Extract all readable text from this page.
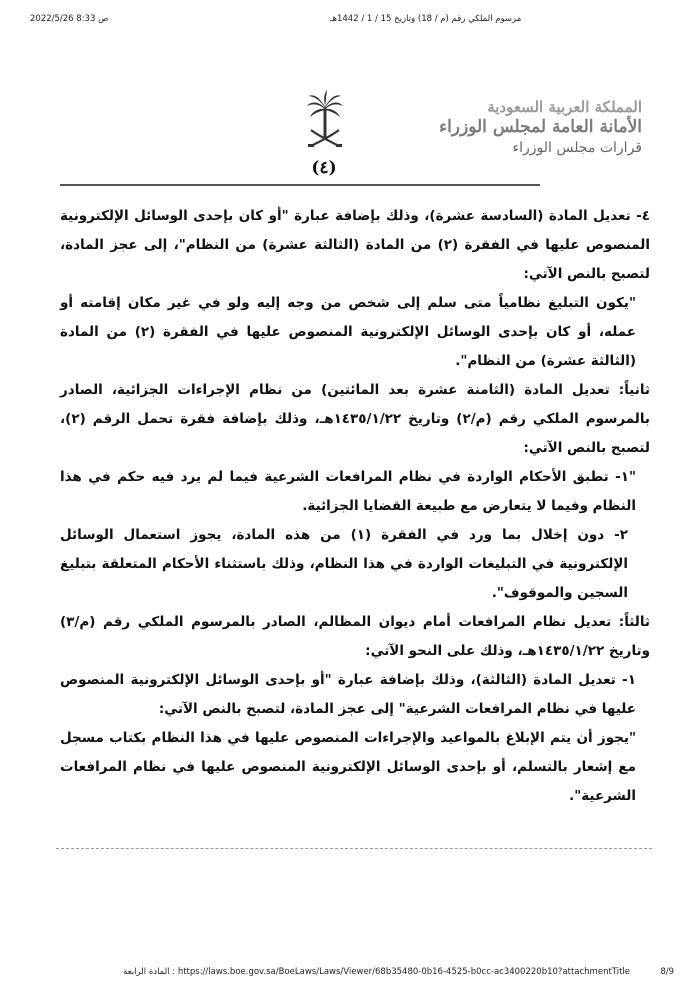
2022/5/26 8:33 ص	مرسوم الملكي رقم (م / 18) وتاريخ 15 / 1 / 1442هـ
(٤)
المملكة العربية السعودية
الأمانة العامة لمجلس الوزراء
قرارات مجلس الوزراء

٤- تعديل المادة (السادسة عشرة)، وذلك بإضافة عبارة "أو كان بإحدى الوسائل الإلكترونية المنصوص عليها في الفقرة (٢) من المادة (الثالثة عشرة) من النظام"، إلى عجز المادة، لتصبح بالنص الآتي:

"يكون التبليغ نظامياً متى سلم إلى شخص من وجه إليه ولو في غير مكان إقامته أو عمله، أو كان بإحدى الوسائل الإلكترونية المنصوص عليها في الفقرة (٢) من المادة (الثالثة عشرة) من النظام".

ثانياً: تعديل المادة (الثامنة عشرة بعد المائتين) من نظام الإجراءات الجزائية، الصادر بالمرسوم الملكي رقم (م/٢) وتاريخ ١٤٣٥/١/٢٢هـ، وذلك بإضافة فقرة تحمل الرقم (٢)، لتصبح بالنص الآتي:

"١- تطبق الأحكام الواردة في نظام المرافعات الشرعية فيما لم يرد فيه حكم في هذا النظام وفيما لا يتعارض مع طبيعة القضايا الجزائية.

٢- دون إخلال بما ورد في الفقرة (١) من هذه المادة، يجوز استعمال الوسائل الإلكترونية في التبليغات الواردة في هذا النظام، وذلك باستثناء الأحكام المتعلقة بتبليغ السجين والموقوف".

ثالثاً: تعديل نظام المرافعات أمام ديوان المظالم، الصادر بالمرسوم الملكي رقم (م/٣) وتاريخ ١٤٣٥/١/٢٢هـ، وذلك على النحو الآتي:

١- تعديل المادة (الثالثة)، وذلك بإضافة عبارة "أو بإحدى الوسائل الإلكترونية المنصوص عليها في نظام المرافعات الشرعية" إلى عجز المادة، لتصبح بالنص الآتي:

"يجوز أن يتم الإبلاغ بالمواعيد والإجراءات المنصوص عليها في هذا النظام بكتاب مسجل مع إشعار بالتسلم، أو بإحدى الوسائل الإلكترونية المنصوص عليها في نظام المرافعات الشرعية".

المادة الرابعة : https://laws.boe.gov.sa/BoeLaws/Laws/Viewer/68b35480-0b16-4525-b0cc-ac3400220b10?attachmentTitle	8/9
